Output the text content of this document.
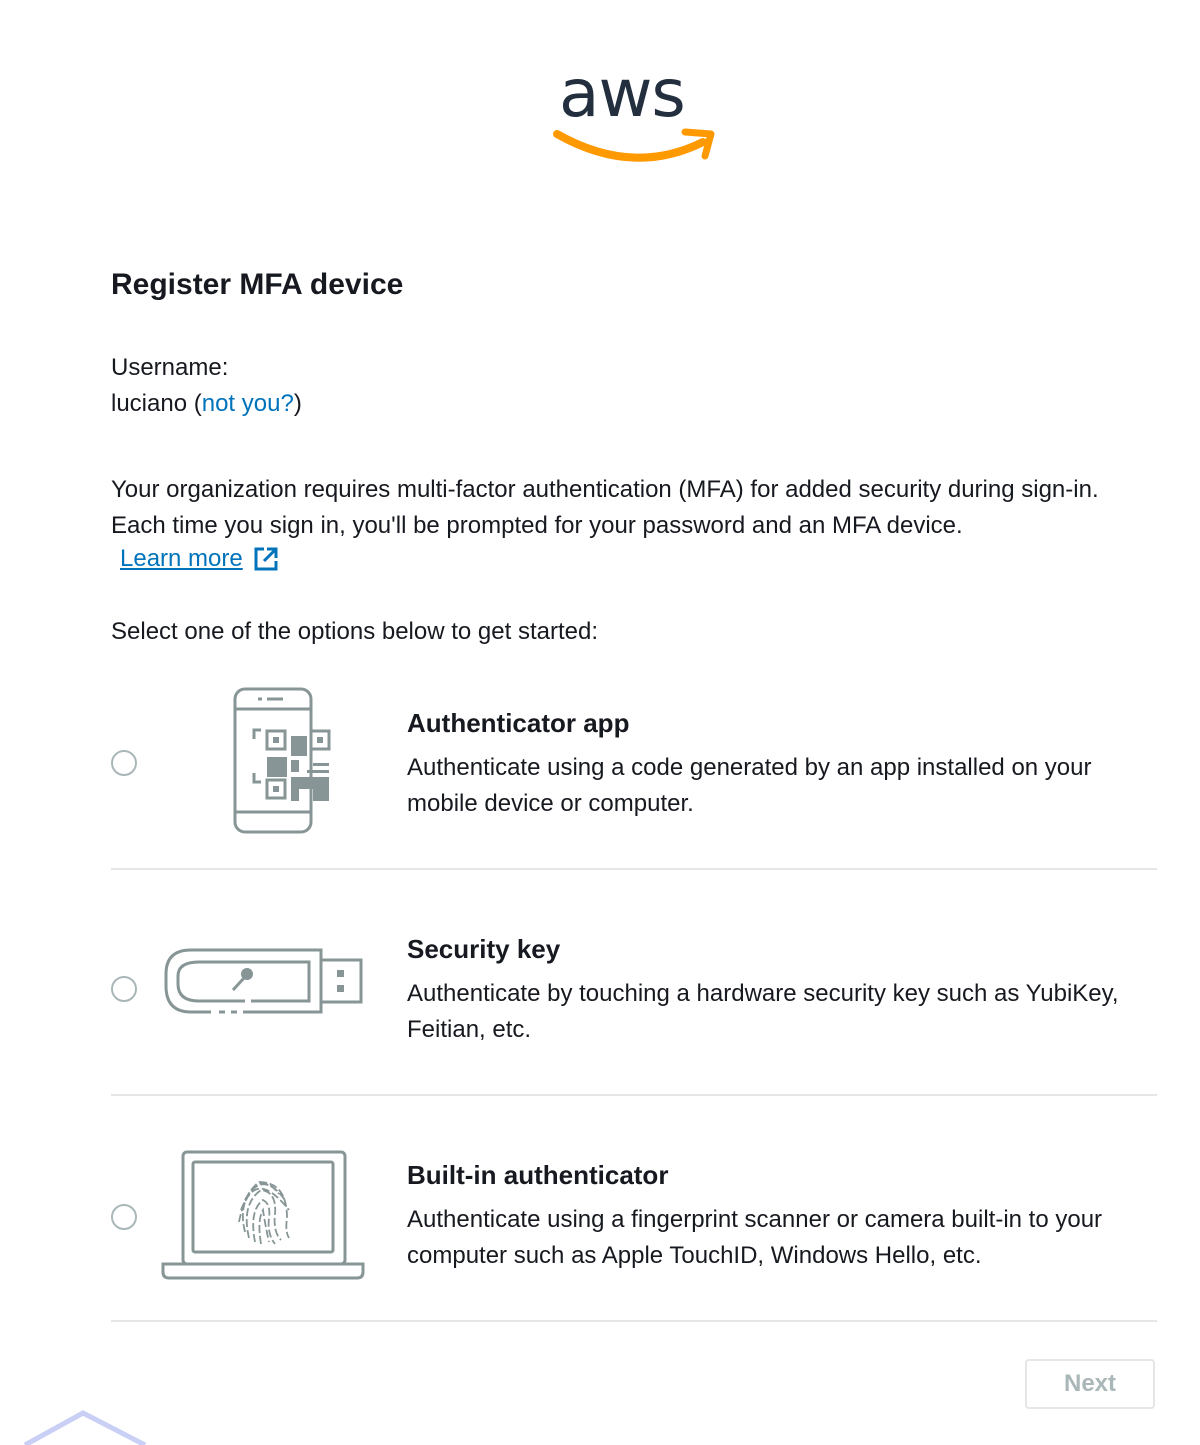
aws
Register MFA device
Username:
luciano (not you?)
Your organization requires multi-factor authentication (MFA) for added security during sign-in. Each time you sign in, you'll be prompted for your password and an MFA device.
Learn more
Select one of the options below to get started:
Authenticator app
Authenticate using a code generated by an app installed on your mobile device or computer.
Security key
Authenticate by touching a hardware security key such as YubiKey, Feitian, etc.
Built-in authenticator
Authenticate using a fingerprint scanner or camera built-in to your computer such as Apple TouchID, Windows Hello, etc.
Next
